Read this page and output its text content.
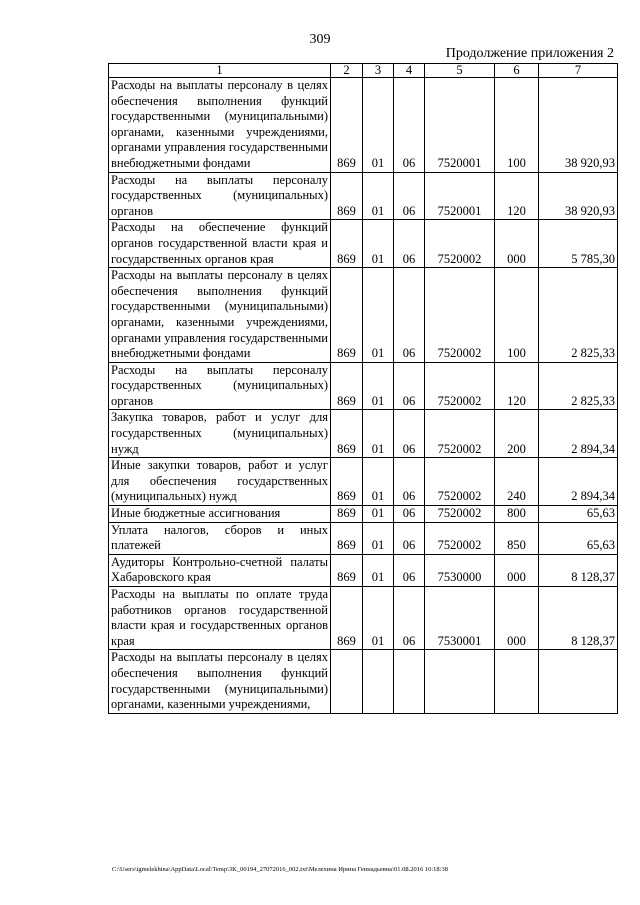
309
Продолжение приложения 2
1	2	3	4	5	6	7
Расходы на выплаты персоналу в целях обеспечения выполнения функций государственными (муниципальными) органами, казенными учреждениями, органами управления государственными внебюджетными фондами	869	01	06	7520001	100	38 920,93
Расходы на выплаты персоналу государственных (муниципальных) органов	869	01	06	7520001	120	38 920,93
Расходы на обеспечение функций органов государственной власти края и государственных органов края	869	01	06	7520002	000	5 785,30
Расходы на выплаты персоналу в целях обеспечения выполнения функций государственными (муниципальными) органами, казенными учреждениями, органами управления государственными внебюджетными фондами	869	01	06	7520002	100	2 825,33
Расходы на выплаты персоналу государственных (муниципальных) органов	869	01	06	7520002	120	2 825,33
Закупка товаров, работ и услуг для государственных (муниципальных) нужд	869	01	06	7520002	200	2 894,34
Иные закупки товаров, работ и услуг для обеспечения государственных (муниципальных) нужд	869	01	06	7520002	240	2 894,34
Иные бюджетные ассигнования	869	01	06	7520002	800	65,63
Уплата налогов, сборов и иных платежей	869	01	06	7520002	850	65,63
Аудиторы Контрольно-счетной палаты Хабаровского края	869	01	06	7530000	000	8 128,37
Расходы на выплаты по оплате труда работников органов государственной власти края и государственных органов края	869	01	06	7530001	000	8 128,37
Расходы на выплаты персоналу в целях обеспечения выполнения функций государственными (муниципальными) органами, казенными учреждениями,						
C:\Users\igmelekhina\AppData\Local\Temp\3K_00194_27072016_002.txt\Мелехина Ирина Геннадьевна\01.08.2016 10:18:38
